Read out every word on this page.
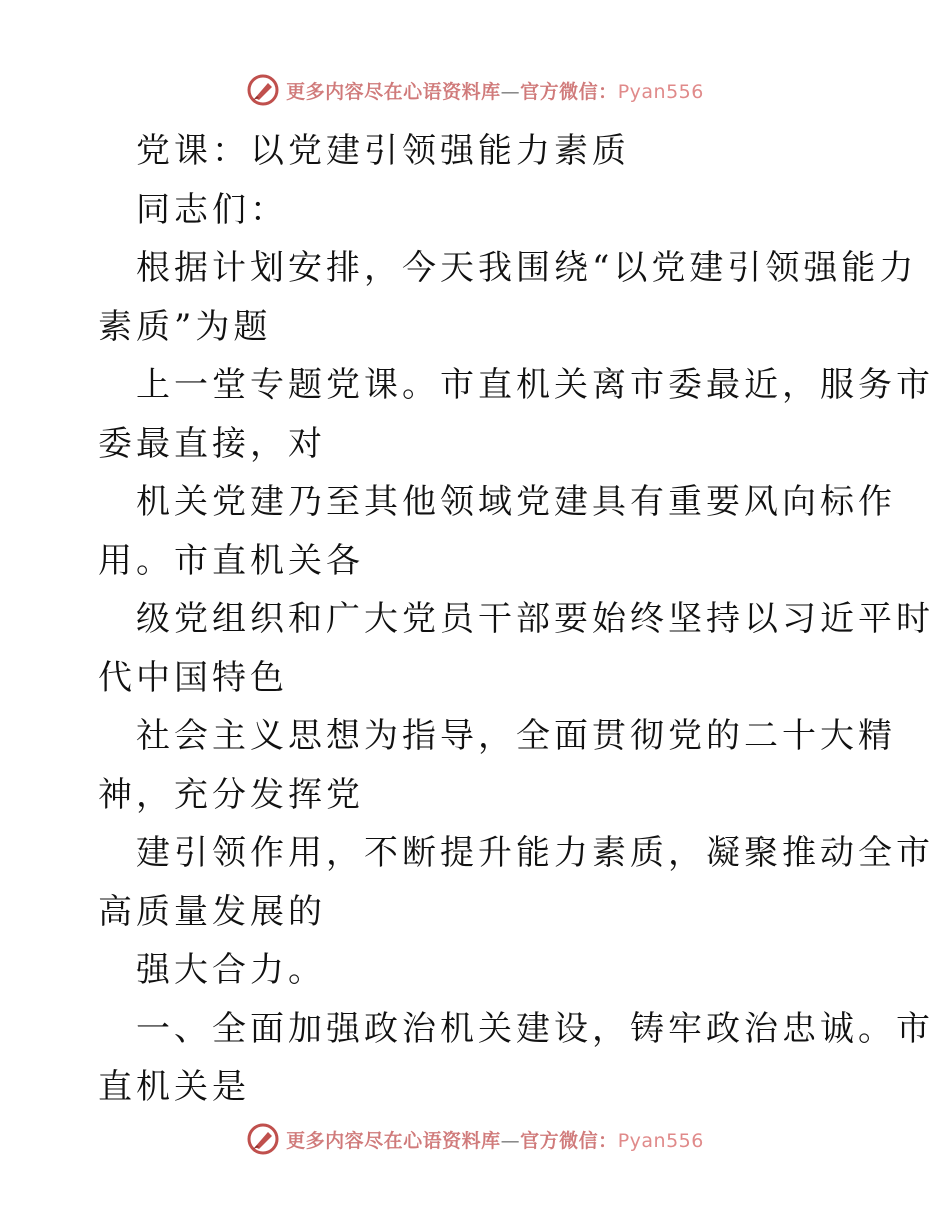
更多内容尽在心语资料库—官方微信：Pyan556

党课：以党建引领强能力素质

同志们：

根据计划安排，今天我围绕“以党建引领强能力
素质”为题
上一堂专题党课。市直机关离市委最近，服务市
委最直接，对
机关党建乃至其他领域党建具有重要风向标作
用。市直机关各
级党组织和广大党员干部要始终坚持以习近平时
代中国特色
社会主义思想为指导，全面贯彻党的二十大精
神，充分发挥党
建引领作用，不断提升能力素质，凝聚推动全市
高质量发展的
强大合力。
一、全面加强政治机关建设，铸牢政治忠诚。市
直机关是
更多内容尽在心语资料库—官方微信：Pyan556
